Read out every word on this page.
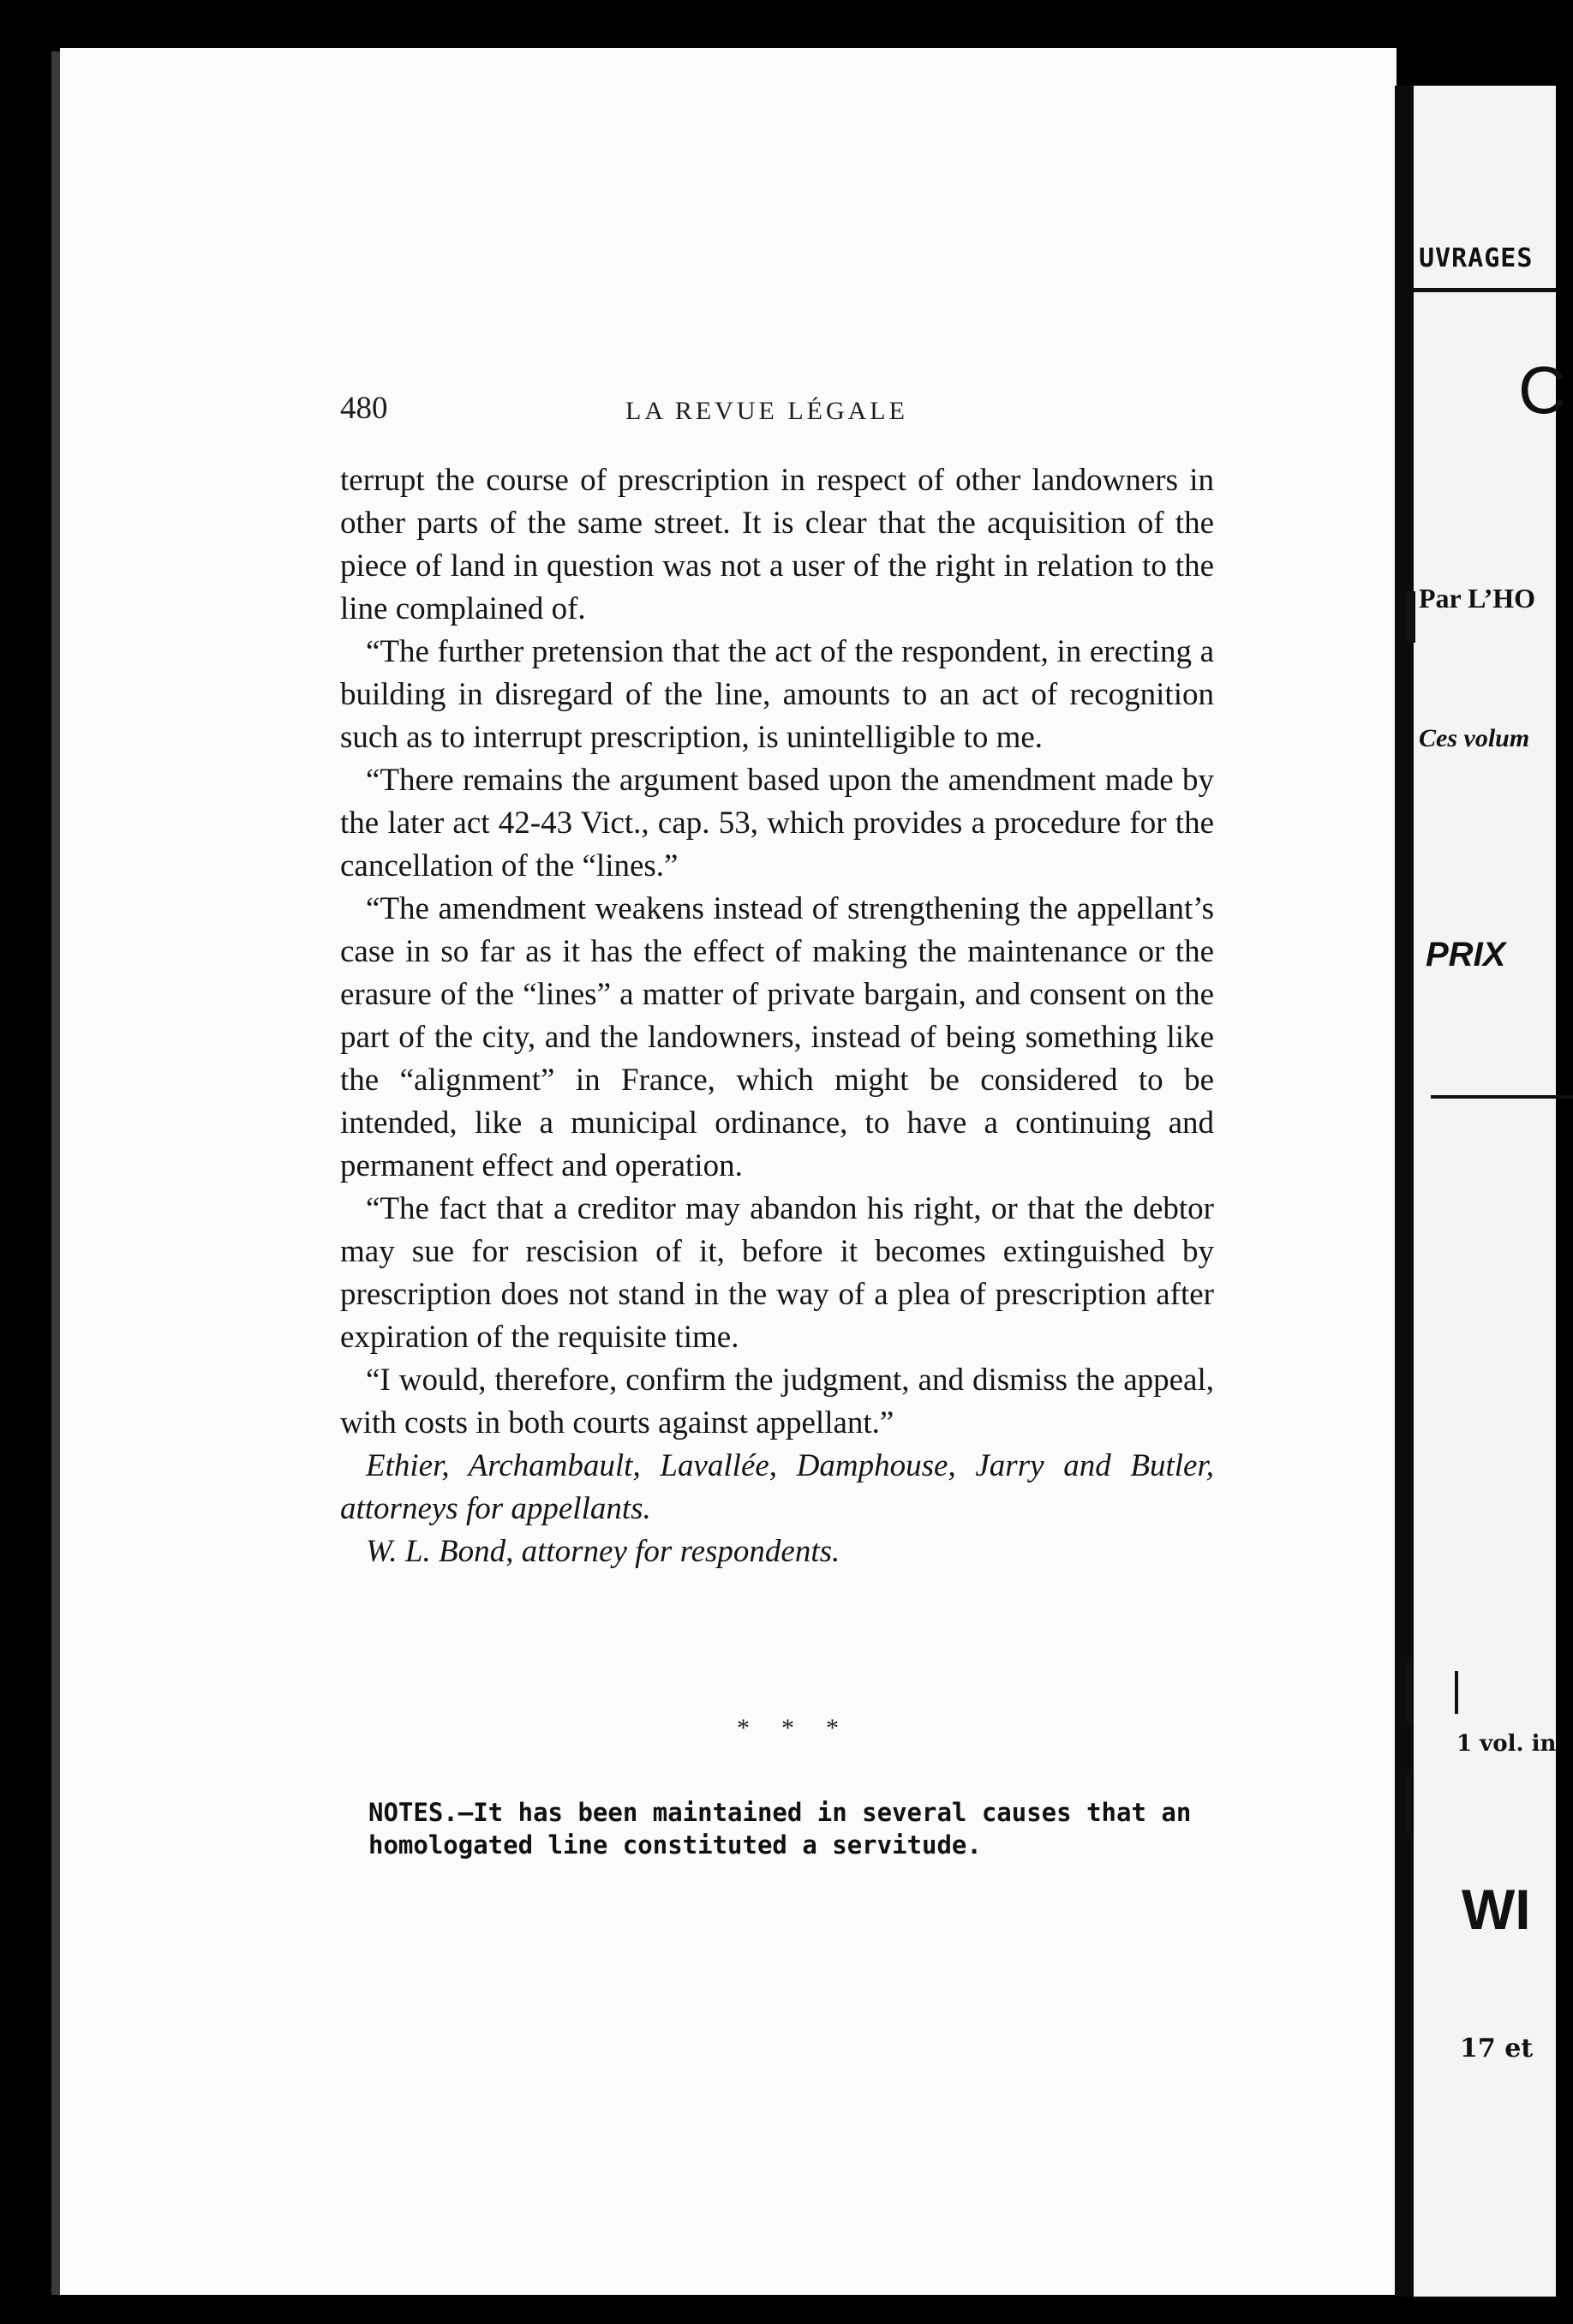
480	LA REVUE LÉGALE

terrupt the course of prescription in respect of other landowners in other parts of the same street. It is clear that the acquisition of the piece of land in question was not a user of the right in relation to the line complained of.

“The further pretension that the act of the respondent, in erecting a building in disregard of the line, amounts to an act of recognition such as to interrupt prescription, is unintelligible to me.

“There remains the argument based upon the amendment made by the later act 42-43 Vict., cap. 53, which provides a procedure for the cancellation of the “lines.”

“The amendment weakens instead of strengthening the appellant’s case in so far as it has the effect of making the maintenance or the erasure of the “lines” a matter of private bargain, and consent on the part of the city, and the landowners, instead of being something like the “alignment” in France, which might be considered to be intended, like a municipal ordinance, to have a continuing and permanent effect and operation.

“The fact that a creditor may abandon his right, or that the debtor may sue for rescision of it, before it becomes extinguished by prescription does not stand in the way of a plea of prescription after expiration of the requisite time.

“I would, therefore, confirm the judgment, and dismiss the appeal, with costs in both courts against appellant.”

Ethier, Archambault, Lavallée, Damphouse, Jarry and Butler, attorneys for appellants.

W. L. Bond, attorney for respondents.

* * *
NOTES.—It has been maintained in several causes that an homologated line constituted a servitude.
UVRAGES
C
Par L’HO
Ces volum
PRIX
1 vol. in
WI
17 et
